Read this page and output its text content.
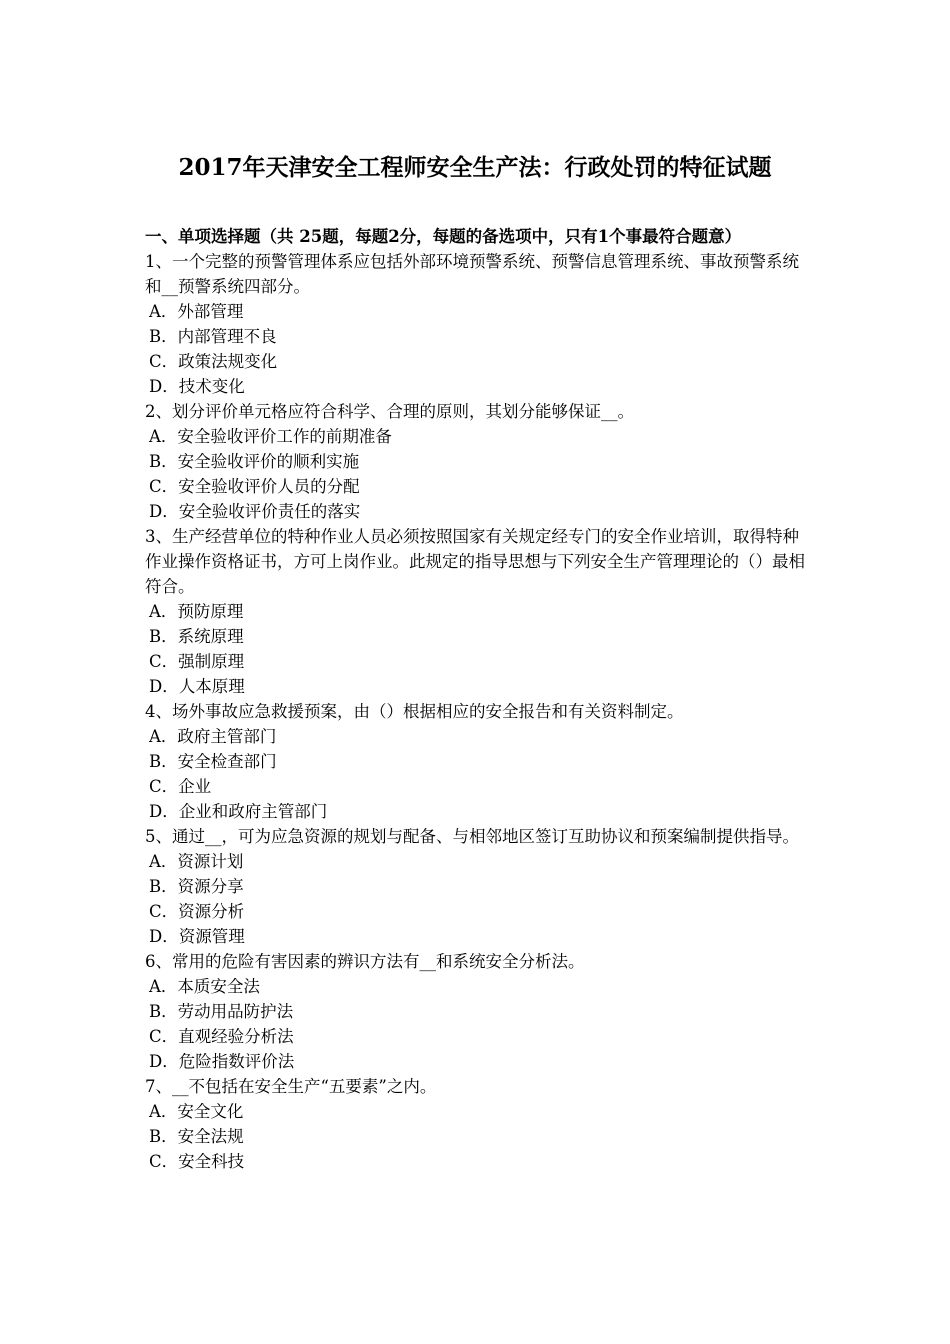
2017年天津安全工程师安全生产法：行政处罚的特征试题

一、单项选择题（共 25题，每题2分，每题的备选项中，只有1个事最符合题意）

1、一个完整的预警管理体系应包括外部环境预警系统、预警信息管理系统、事故预警系统和__预警系统四部分。

A．外部管理

B．内部管理不良

C．政策法规变化

D．技术变化

2、划分评价单元格应符合科学、合理的原则，其划分能够保证__。

A．安全验收评价工作的前期准备

B．安全验收评价的顺利实施

C．安全验收评价人员的分配

D．安全验收评价责任的落实

3、生产经营单位的特种作业人员必须按照国家有关规定经专门的安全作业培训，取得特种作业操作资格证书，方可上岗作业。此规定的指导思想与下列安全生产管理理论的（）最相符合。

A．预防原理

B．系统原理

C．强制原理

D．人本原理

4、场外事故应急救援预案，由（）根据相应的安全报告和有关资料制定。

A．政府主管部门

B．安全检查部门

C．企业

D．企业和政府主管部门

5、通过__，可为应急资源的规划与配备、与相邻地区签订互助协议和预案编制提供指导。

A．资源计划

B．资源分享

C．资源分析

D．资源管理

6、常用的危险有害因素的辨识方法有__和系统安全分析法。

A．本质安全法

B．劳动用品防护法

C．直观经验分析法

D．危险指数评价法

7、__不包括在安全生产“五要素”之内。

A．安全文化

B．安全法规

C．安全科技
